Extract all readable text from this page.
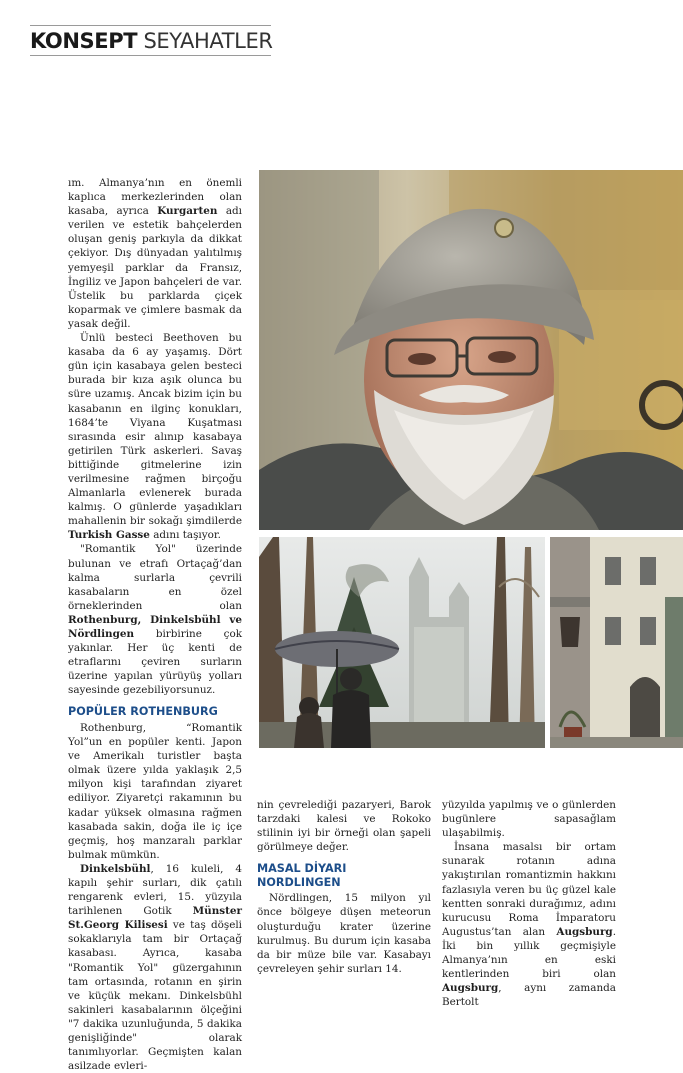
KONSEPT SEYAHATLER

ım. Almanya’nın en önemli kaplıca merkezlerinden olan kasaba, ayrıca Kurgarten adı verilen ve estetik bahçelerden oluşan geniş parkıyla da dikkat çekiyor. Dış dünyadan yalıtılmış yemyeşil parklar da Fransız, İngiliz ve Japon bahçeleri de var. Üstelik bu parklarda çiçek koparmak ve çimlere basmak da yasak değil.

Ünlü besteci Beethoven bu kasaba da 6 ay yaşamış. Dört gün için kasabaya gelen besteci burada bir kıza aşık olunca bu süre uzamış. Ancak bizim için bu kasabanın en ilginç konukları, 1684’te Viyana Kuşatması sırasında esir alınıp kasabaya getirilen Türk askerleri. Savaş bittiğinde gitmelerine izin verilmesine rağmen birçoğu Almanlarla evlenerek burada kalmış. O günlerde yaşadıkları mahallenin bir sokağı şimdilerde Turkish Gasse adını taşıyor.

"Romantik Yol" üzerinde bulunan ve etrafı Ortaçağ’dan kalma surlarla çevrili kasabaların en özel örneklerinden olan Rothenburg, Dinkelsbühl ve Nördlingen birbirine çok yakınlar. Her üç kenti de etraflarını çeviren surların üzerine yapılan yürüyüş yolları sayesinde gezebiliyorsunuz.

POPÜLER ROTHENBURG

Rothenburg, “Romantik Yol”un en popüler kenti. Japon ve Amerikalı turistler başta olmak üzere yılda yaklaşık 2,5 milyon kişi tarafından ziyaret ediliyor. Ziyaretçi rakamının bu kadar yüksek olmasına rağmen kasabada sakin, doğa ile iç içe geçmiş, hoş manzaralı parklar bulmak mümkün.

Dinkelsbühl, 16 kuleli, 4 kapılı şehir surları, dik çatılı rengarenk evleri, 15. yüzyıla tarihlenen Gotik Münster St.Georg Kilisesi ve taş döşeli sokaklarıyla tam bir Ortaçağ kasabası. Ayrıca, kasaba "Romantik Yol" güzergahının tam ortasında, rotanın en şirin ve küçük mekanı. Dinkelsbühl sakinleri kasabalarının ölçeğini "7 dakika uzunluğunda, 5 dakika genişliğinde" olarak tanımlıyorlar. Geçmişten kalan asilzade evleri-

nin çevrelediği pazaryeri, Barok tarzdaki kalesi ve Rokoko stilinin iyi bir örneği olan şapeli görülmeye değer.

MASAL DİYARI NORDLINGEN

Nördlingen, 15 milyon yıl önce bölgeye düşen meteorun oluşturduğu krater üzerine kurulmuş. Bu durum için kasaba da bir müze bile var. Kasabayı çevreleyen şehir surları 14.

yüzyılda yapılmış ve o günlerden bugünlere sapasağlam ulaşabilmiş.

İnsana masalsı bir ortam sunarak rotanın adına yakıştırılan romantizmin hakkını fazlasıyla veren bu üç güzel kale kentten sonraki durağımız, adını kurucusu Roma İmparatoru Augustus’tan alan Augsburg. İki bin yıllık geçmişiyle Almanya’nın en eski kentlerinden biri olan Augsburg, aynı zamanda Bertolt
